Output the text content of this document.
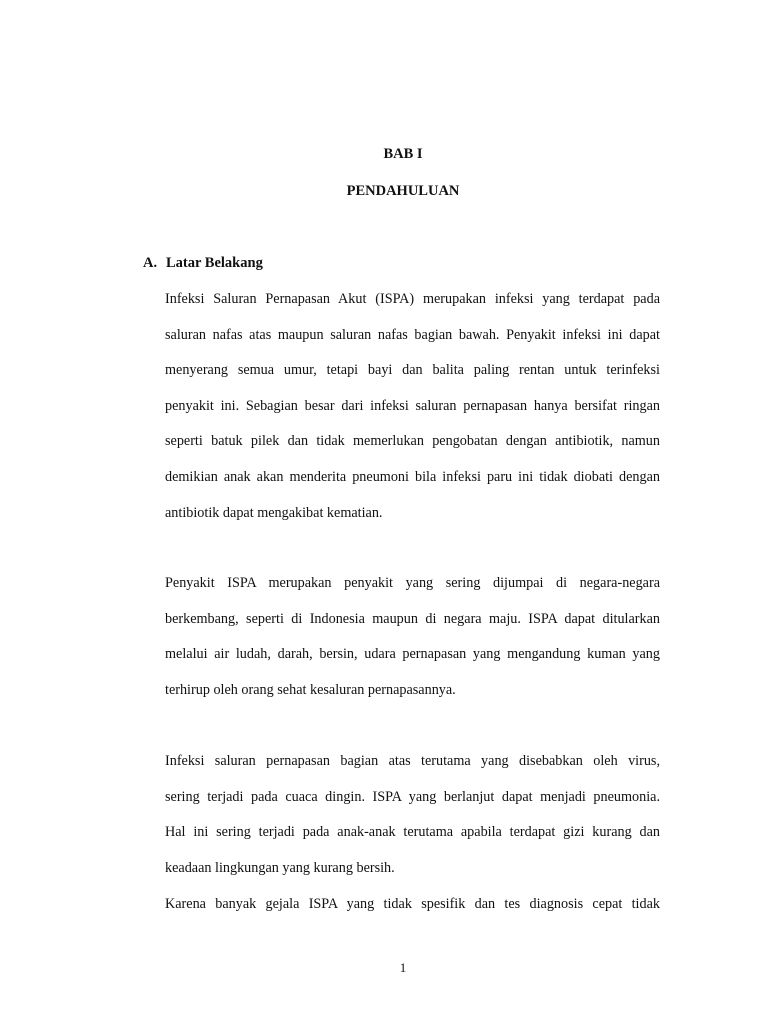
BAB I
PENDAHULUAN
A. Latar Belakang

Infeksi Saluran Pernapasan Akut (ISPA) merupakan infeksi yang terdapat pada
saluran nafas atas maupun saluran nafas bagian bawah. Penyakit infeksi ini dapat
menyerang semua umur, tetapi bayi dan balita paling rentan untuk terinfeksi
penyakit ini. Sebagian besar dari infeksi saluran pernapasan hanya bersifat ringan
seperti batuk pilek dan tidak memerlukan pengobatan dengan antibiotik, namun
demikian anak akan menderita pneumoni bila infeksi paru ini tidak diobati dengan
antibiotik dapat mengakibat kematian.

Penyakit ISPA merupakan penyakit yang sering dijumpai di negara-negara
berkembang, seperti di Indonesia maupun di negara maju. ISPA dapat ditularkan
melalui air ludah, darah, bersin, udara pernapasan yang mengandung kuman yang
terhirup oleh orang sehat kesaluran pernapasannya.

Infeksi saluran pernapasan bagian atas terutama yang disebabkan oleh virus,
sering terjadi pada cuaca dingin. ISPA yang berlanjut dapat menjadi pneumonia.
Hal ini sering terjadi pada anak-anak terutama apabila terdapat gizi kurang dan
keadaan lingkungan yang kurang bersih.

Karena banyak gejala ISPA yang tidak spesifik dan tes diagnosis cepat tidak

1
